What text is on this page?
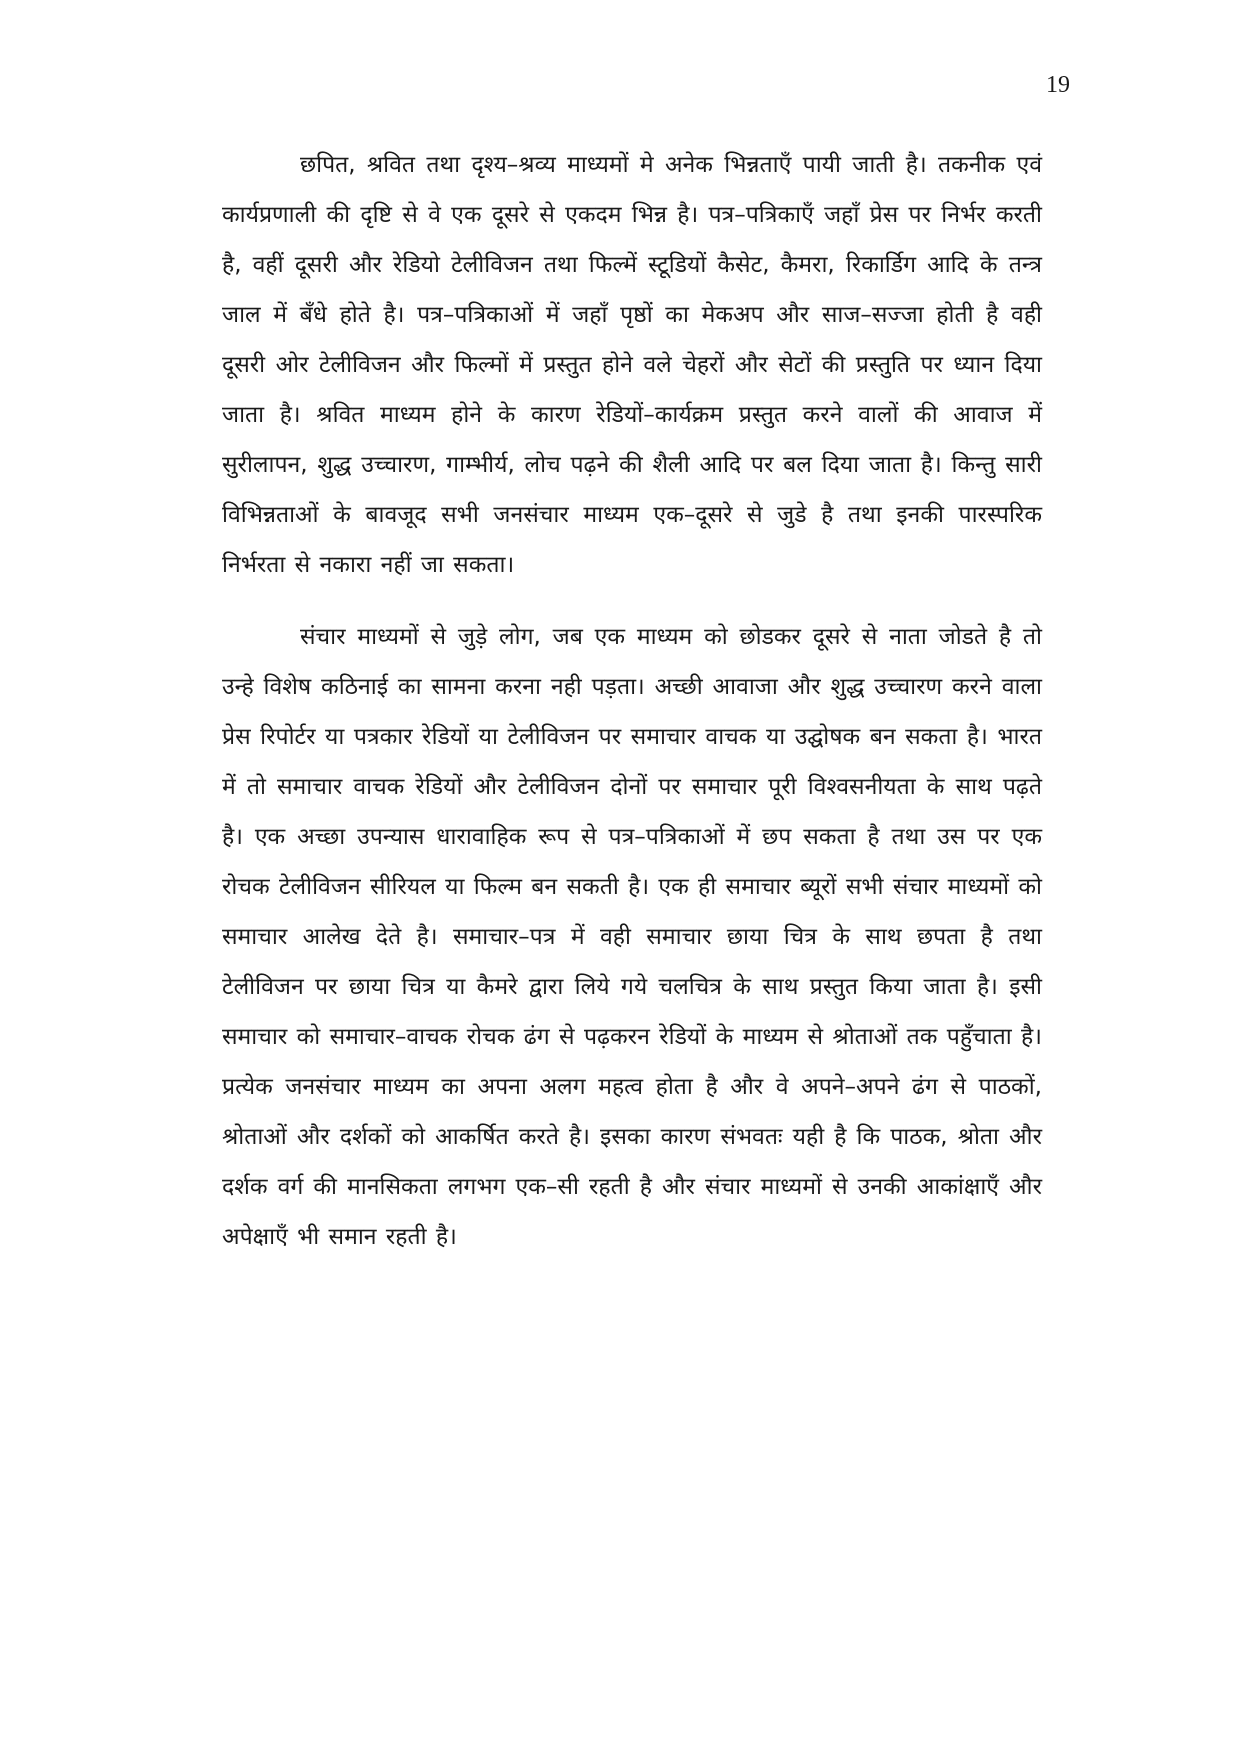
19

छपित, श्रवित तथा दृश्य–श्रव्य माध्यमों मे अनेक भिन्नताएँ पायी जाती है। तकनीक एवं कार्यप्रणाली की दृष्टि से वे एक दूसरे से एकदम भिन्न है। पत्र–पत्रिकाएँ जहाँ प्रेस पर निर्भर करती है, वहीं दूसरी और रेडियो टेलीविजन तथा फिल्में स्टूडियों कैसेट, कैमरा, रिकार्डिग आदि के तन्त्र जाल में बँधे होते है। पत्र–पत्रिकाओं में जहाँ पृष्ठों का मेकअप और साज–सज्जा होती है वही दूसरी ओर टेलीविजन और फिल्मों में प्रस्तुत होने वले चेहरों और सेटों की प्रस्तुति पर ध्यान दिया जाता है। श्रवित माध्यम होने के कारण रेडियों–कार्यक्रम प्रस्तुत करने वालों की आवाज में सुरीलापन, शुद्ध उच्चारण, गाम्भीर्य, लोच पढ़ने की शैली आदि पर बल दिया जाता है। किन्तु सारी विभिन्नताओं के बावजूद सभी जनसंचार माध्यम एक–दूसरे से जुडे है तथा इनकी पारस्परिक निर्भरता से नकारा नहीं जा सकता।

संचार माध्यमों से जुड़े लोग, जब एक माध्यम को छोडकर दूसरे से नाता जोडते है तो उन्हे विशेष कठिनाई का सामना करना नही पड़ता। अच्छी आवाजा और शुद्ध उच्चारण करने वाला प्रेस रिपोर्टर या पत्रकार रेडियों या टेलीविजन पर समाचार वाचक या उद्घोषक बन सकता है। भारत में तो समाचार वाचक रेडियों और टेलीविजन दोनों पर समाचार पूरी विश्वसनीयता के साथ पढ़ते है। एक अच्छा उपन्यास धारावाहिक रूप से पत्र–पत्रिकाओं में छप सकता है तथा उस पर एक रोचक टेलीविजन सीरियल या फिल्म बन सकती है। एक ही समाचार ब्यूरों सभी संचार माध्यमों को समाचार आलेख देते है। समाचार–पत्र में वही समाचार छाया चित्र के साथ छपता है तथा टेलीविजन पर छाया चित्र या कैमरे द्वारा लिये गये चलचित्र के साथ प्रस्तुत किया जाता है। इसी समाचार को समाचार–वाचक रोचक ढंग से पढ़करन रेडियों के माध्यम से श्रोताओं तक पहुँचाता है। प्रत्येक जनसंचार माध्यम का अपना अलग महत्व होता है और वे अपने–अपने ढंग से पाठकों, श्रोताओं और दर्शकों को आकर्षित करते है। इसका कारण संभवतः यही है कि पाठक, श्रोता और दर्शक वर्ग की मानसिकता लगभग एक–सी रहती है और संचार माध्यमों से उनकी आकांक्षाएँ और अपेक्षाएँ भी समान रहती है।
